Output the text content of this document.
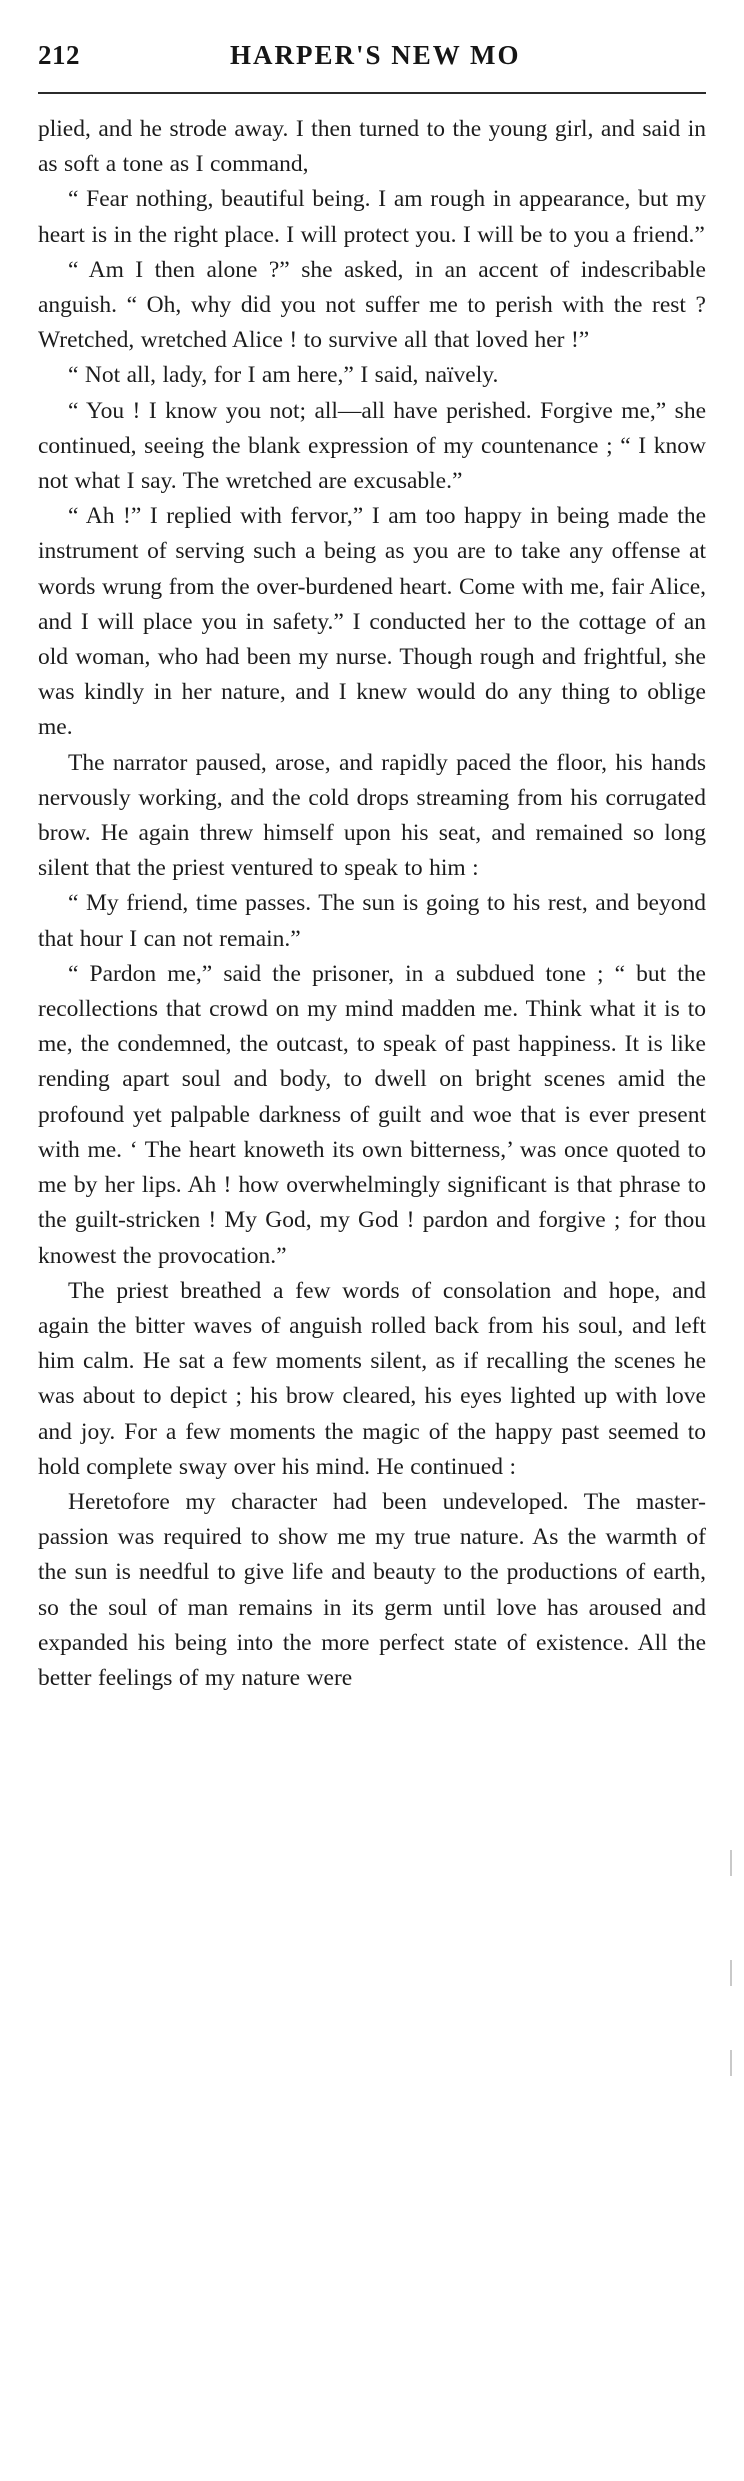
212	HARPER'S NEW MO

plied, and he strode away. I then turned to the young girl, and said in as soft a tone as I command,

“ Fear nothing, beautiful being. I am rough in appearance, but my heart is in the right place. I will protect you. I will be to you a friend.”

“ Am I then alone ?” she asked, in an accent of indescribable anguish. “ Oh, why did you not suffer me to perish with the rest ? Wretched, wretched Alice ! to survive all that loved her !”

“ Not all, lady, for I am here,” I said, naïvely.

“ You ! I know you not; all—all have perished. Forgive me,” she continued, seeing the blank expression of my countenance ; “ I know not what I say. The wretched are excusable.”

“ Ah !” I replied with fervor,” I am too happy in being made the instrument of serving such a being as you are to take any offense at words wrung from the over-burdened heart. Come with me, fair Alice, and I will place you in safety.” I conducted her to the cottage of an old woman, who had been my nurse. Though rough and frightful, she was kindly in her nature, and I knew would do any thing to oblige me.

The narrator paused, arose, and rapidly paced the floor, his hands nervously working, and the cold drops streaming from his corrugated brow. He again threw himself upon his seat, and remained so long silent that the priest ventured to speak to him :

“ My friend, time passes. The sun is going to his rest, and beyond that hour I can not remain.”

“ Pardon me,” said the prisoner, in a subdued tone ; “ but the recollections that crowd on my mind madden me. Think what it is to me, the condemned, the outcast, to speak of past happiness. It is like rending apart soul and body, to dwell on bright scenes amid the profound yet palpable darkness of guilt and woe that is ever present with me. ‘ The heart knoweth its own bitterness,’ was once quoted to me by her lips. Ah ! how overwhelmingly significant is that phrase to the guilt-stricken ! My God, my God ! pardon and forgive ; for thou knowest the provocation.”

The priest breathed a few words of consolation and hope, and again the bitter waves of anguish rolled back from his soul, and left him calm. He sat a few moments silent, as if recalling the scenes he was about to depict ; his brow cleared, his eyes lighted up with love and joy. For a few moments the magic of the happy past seemed to hold complete sway over his mind. He continued :

Heretofore my character had been undeveloped. The master-passion was required to show me my true nature. As the warmth of the sun is needful to give life and beauty to the productions of earth, so the soul of man remains in its germ until love has aroused and expanded his being into the more perfect state of existence. All the better feelings of my nature were
